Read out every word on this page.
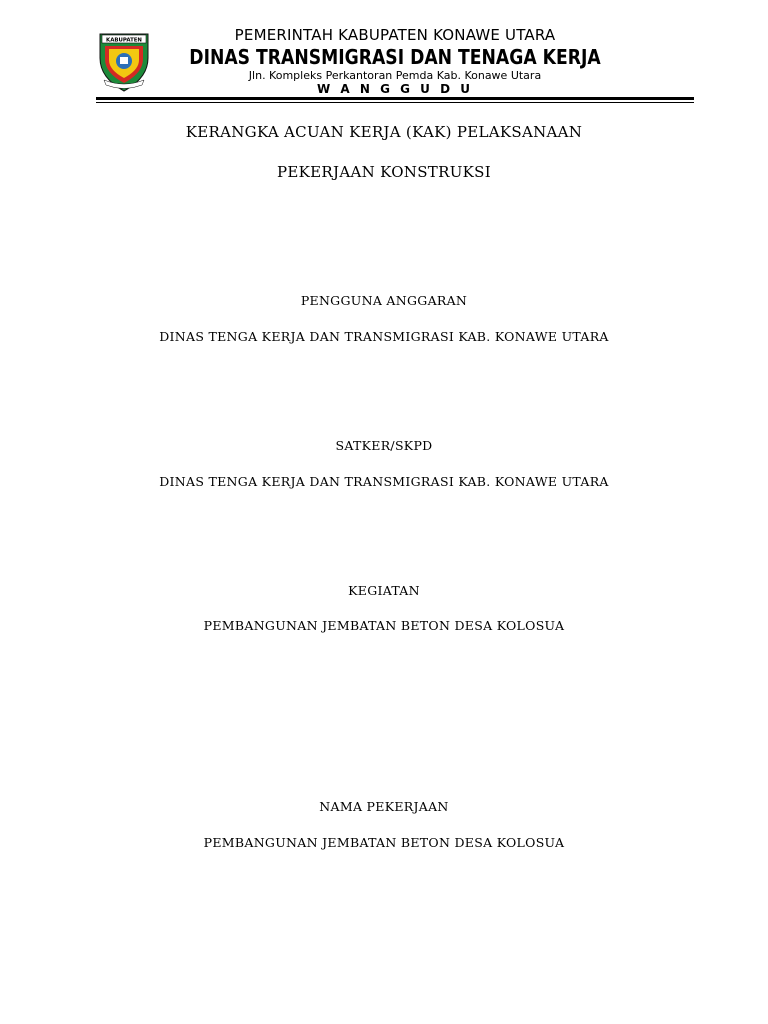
KABUPATEN	PEMERINTAH KABUPATEN KONAWE UTARA
DINAS TRANSMIGRASI DAN TENAGA KERJA
Jln. Kompleks Perkantoran Pemda Kab. Konawe Utara
W A N G G U D U
KERANGKA ACUAN KERJA (KAK) PELAKSANAAN
PEKERJAAN KONSTRUKSI
PENGGUNA ANGGARAN
DINAS TENGA KERJA DAN TRANSMIGRASI KAB. KONAWE UTARA
SATKER/SKPD
DINAS TENGA KERJA DAN TRANSMIGRASI KAB. KONAWE UTARA
KEGIATAN
PEMBANGUNAN JEMBATAN BETON DESA KOLOSUA
NAMA PEKERJAAN
PEMBANGUNAN JEMBATAN BETON DESA KOLOSUA
